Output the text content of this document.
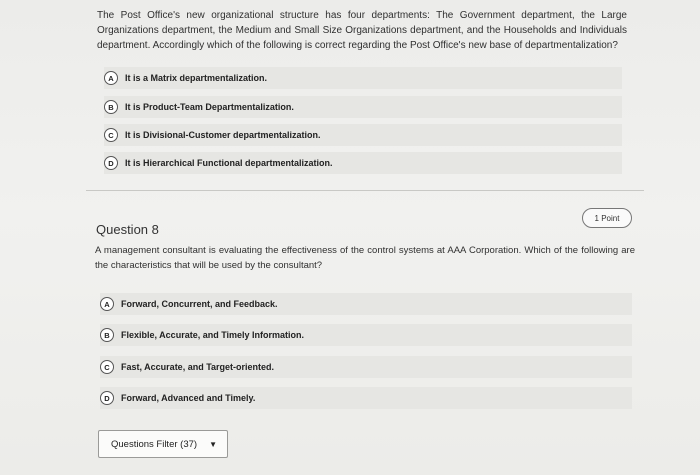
The Post Office's new organizational structure has four departments: The Government department, the Large Organizations department, the Medium and Small Size Organizations department, and the Households and Individuals department. Accordingly which of the following is correct regarding the Post Office's new base of departmentalization?
A	It is a Matrix departmentalization.
B	It is Product-Team Departmentalization.
C	It is Divisional-Customer departmentalization.
D	It is Hierarchical Functional departmentalization.
Question 8
1 Point
A management consultant is evaluating the effectiveness of the control systems at AAA Corporation. Which of the following are the characteristics that will be used by the consultant?
A	Forward, Concurrent, and Feedback.
B	Flexible, Accurate, and Timely Information.
C	Fast, Accurate, and Target-oriented.
D	Forward, Advanced and Timely.
Questions Filter (37) ▼
